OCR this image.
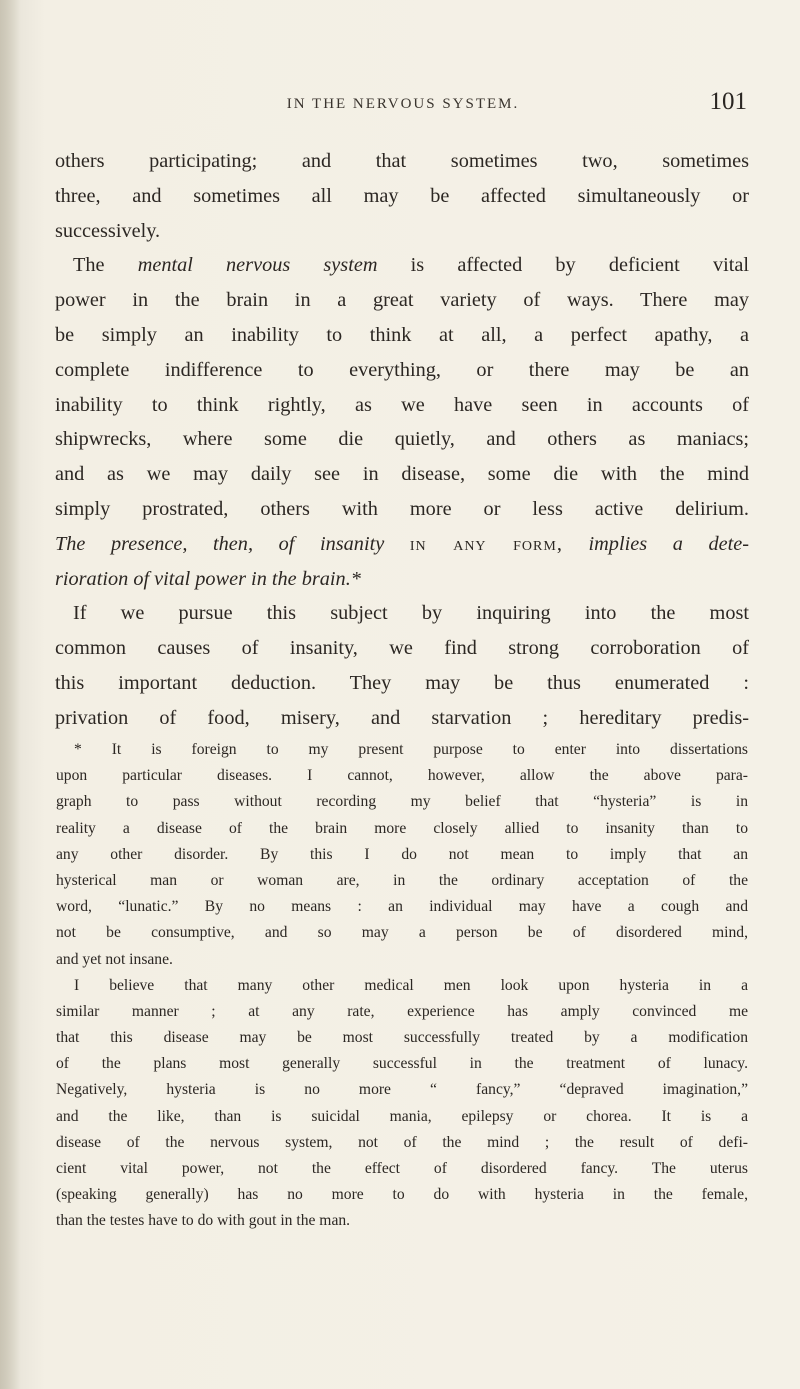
IN THE NERVOUS SYSTEM.	101

others participating; and that sometimes two, sometimes
three, and sometimes all may be affected simultaneously or
successively.

The mental nervous system is affected by deficient vital
power in the brain in a great variety of ways. There may
be simply an inability to think at all, a perfect apathy, a
complete indifference to everything, or there may be an
inability to think rightly, as we have seen in accounts of
shipwrecks, where some die quietly, and others as maniacs;
and as we may daily see in disease, some die with the mind
simply prostrated, others with more or less active delirium.
The presence, then, of insanity in any form, implies a dete-
rioration of vital power in the brain.*

If we pursue this subject by inquiring into the most
common causes of insanity, we find strong corroboration of
this important deduction. They may be thus enumerated :
privation of food, misery, and starvation ; hereditary predis-

* It is foreign to my present purpose to enter into dissertations
upon particular diseases. I cannot, however, allow the above para-
graph to pass without recording my belief that “hysteria” is in
reality a disease of the brain more closely allied to insanity than to
any other disorder. By this I do not mean to imply that an
hysterical man or woman are, in the ordinary acceptation of the
word, “lunatic.” By no means : an individual may have a cough and
not be consumptive, and so may a person be of disordered mind,
and yet not insane.

I believe that many other medical men look upon hysteria in a
similar manner ; at any rate, experience has amply convinced me
that this disease may be most successfully treated by a modification
of the plans most generally successful in the treatment of lunacy.
Negatively, hysteria is no more “ fancy,” “depraved imagination,”
and the like, than is suicidal mania, epilepsy or chorea. It is a
disease of the nervous system, not of the mind ; the result of defi-
cient vital power, not the effect of disordered fancy. The uterus
(speaking generally) has no more to do with hysteria in the female,
than the testes have to do with gout in the man.
